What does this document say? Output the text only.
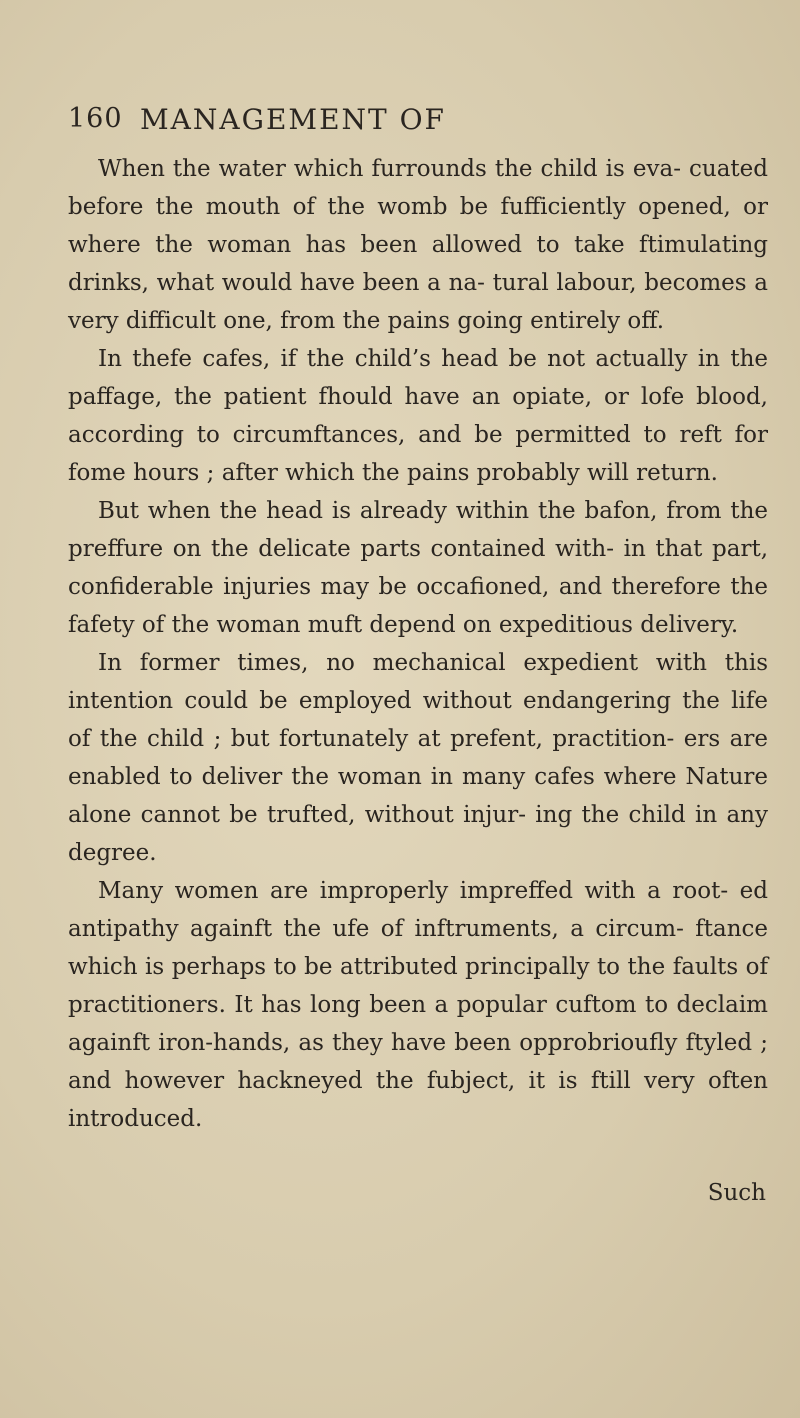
160 MANAGEMENT OF

When the water which furrounds the child is eva- cuated before the mouth of the womb be fufficiently opened, or where the woman has been allowed to take ftimulating drinks, what would have been a na- tural labour, becomes a very difficult one, from the pains going entirely off.

In thefe cafes, if the child’s head be not actually in the paffage, the patient fhould have an opiate, or lofe blood, according to circumftances, and be permitted to reft for fome hours ; after which the pains probably will return.

But when the head is already within the bafon, from the preffure on the delicate parts contained with- in that part, confiderable injuries may be occafioned, and therefore the fafety of the woman muft depend on expeditious delivery.

In former times, no mechanical expedient with this intention could be employed without endangering the life of the child ; but fortunately at prefent, practition- ers are enabled to deliver the woman in many cafes where Nature alone cannot be trufted, without injur- ing the child in any degree.

Many women are improperly impreffed with a root- ed antipathy againft the ufe of inftruments, a circum- ftance which is perhaps to be attributed principally to the faults of practitioners. It has long been a popular cuftom to declaim againft iron-hands, as they have been opprobrioufly ftyled ; and however hackneyed the fubject, it is ftill very often introduced.

Such
